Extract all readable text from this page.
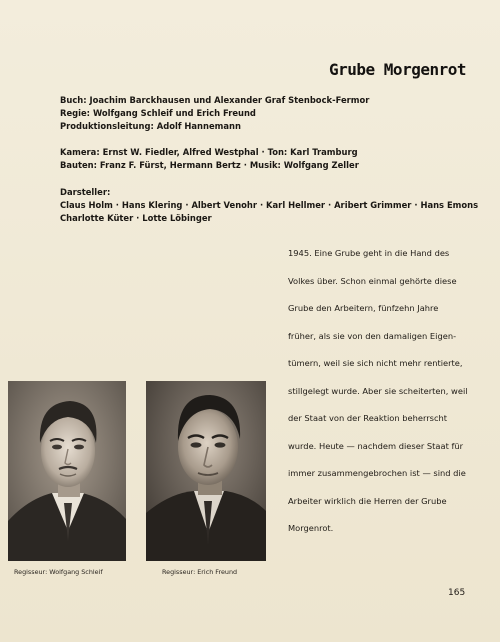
Grube Morgenrot
Buch: Joachim Barckhausen und Alexander Graf Stenbock-Fermor
Regie: Wolfgang Schleif und Erich Freund
Produktionsleitung: Adolf Hannemann
Kamera: Ernst W. Fiedler, Alfred Westphal · Ton: Karl Tramburg
Bauten: Franz F. Fürst, Hermann Bertz · Musik: Wolfgang Zeller
Darsteller:
Claus Holm · Hans Klering · Albert Venohr · Karl Hellmer · Aribert Grimmer · Hans Emons
Charlotte Küter · Lotte Löbinger
1945. Eine Grube geht in die Hand des
Volkes über. Schon einmal gehörte diese
Grube den Arbeitern, fünfzehn Jahre
früher, als sie von den damaligen Eigen-
tümern, weil sie sich nicht mehr rentierte,
stillgelegt wurde. Aber sie scheiterten, weil
der Staat von der Reaktion beherrscht
wurde. Heute — nachdem dieser Staat für
immer zusammengebrochen ist — sind die
Arbeiter wirklich die Herren der Grube
Morgenrot.
Regisseur: Wolfgang Schleif	Regisseur: Erich Freund
165
